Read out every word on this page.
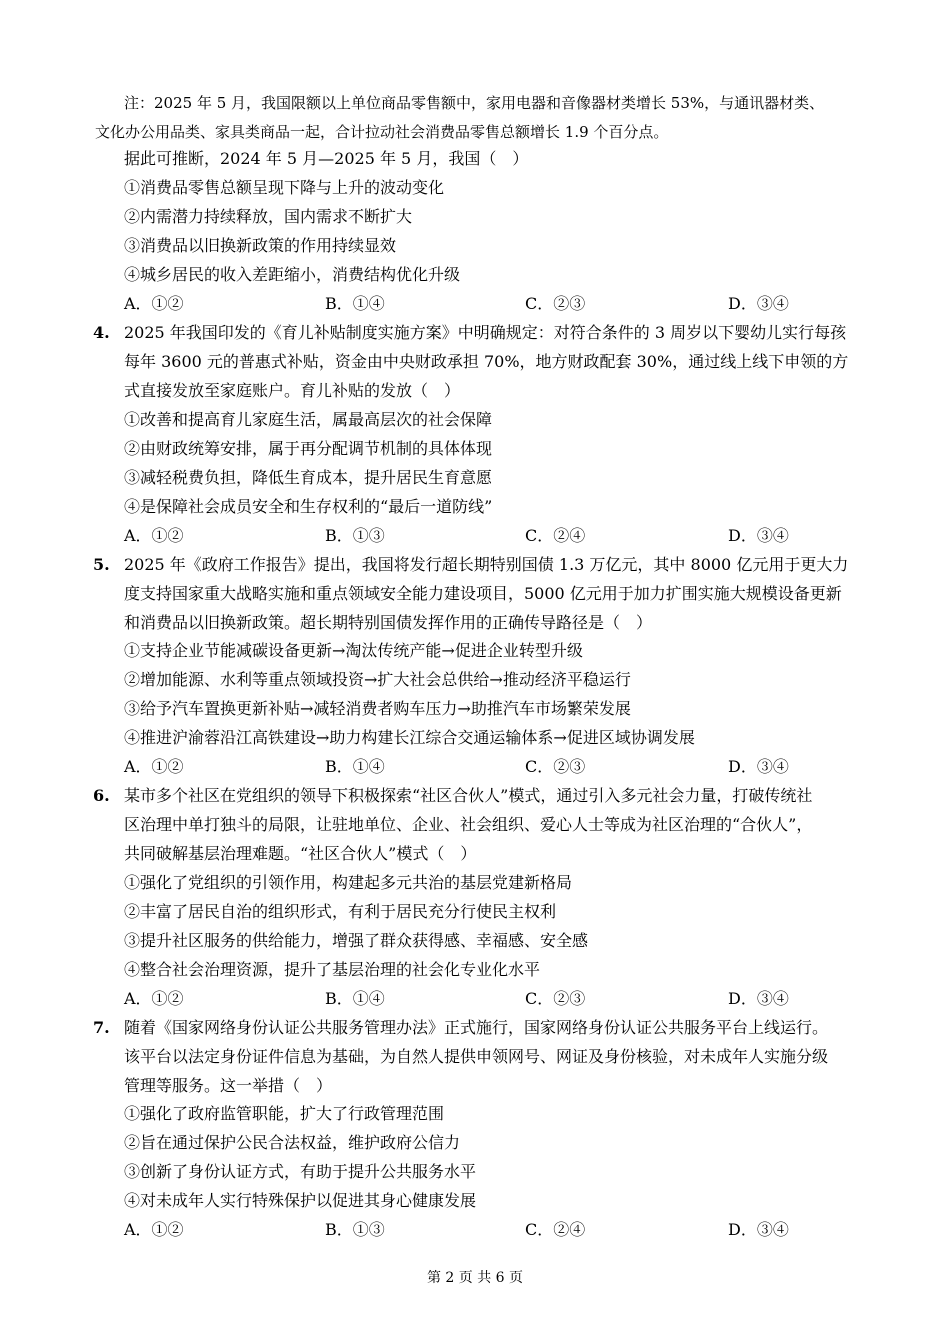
注：2025 年 5 月，我国限额以上单位商品零售额中，家用电器和音像器材类增长 53%，与通讯器材类、
文化办公用品类、家具类商品一起，合计拉动社会消费品零售总额增长 1.9 个百分点。
据此可推断，2024 年 5 月—2025 年 5 月，我国（　）
①消费品零售总额呈现下降与上升的波动变化
②内需潜力持续释放，国内需求不断扩大
③消费品以旧换新政策的作用持续显效
④城乡居民的收入差距缩小，消费结构优化升级
A．①②	B．①④	C．②③	D．③④
4. 2025 年我国印发的《育儿补贴制度实施方案》中明确规定：对符合条件的 3 周岁以下婴幼儿实行每孩
每年 3600 元的普惠式补贴，资金由中央财政承担 70%，地方财政配套 30%，通过线上线下申领的方
式直接发放至家庭账户。育儿补贴的发放（　）
①改善和提高育儿家庭生活，属最高层次的社会保障
②由财政统筹安排，属于再分配调节机制的具体体现
③减轻税费负担，降低生育成本，提升居民生育意愿
④是保障社会成员安全和生存权利的“最后一道防线”
A．①②	B．①③	C．②④	D．③④
5. 2025 年《政府工作报告》提出，我国将发行超长期特别国债 1.3 万亿元，其中 8000 亿元用于更大力
度支持国家重大战略实施和重点领域安全能力建设项目，5000 亿元用于加力扩围实施大规模设备更新
和消费品以旧换新政策。超长期特别国债发挥作用的正确传导路径是（　）
①支持企业节能减碳设备更新→淘汰传统产能→促进企业转型升级
②增加能源、水利等重点领域投资→扩大社会总供给→推动经济平稳运行
③给予汽车置换更新补贴→减轻消费者购车压力→助推汽车市场繁荣发展
④推进沪渝蓉沿江高铁建设→助力构建长江综合交通运输体系→促进区域协调发展
A．①②	B．①④	C．②③	D．③④
6. 某市多个社区在党组织的领导下积极探索“社区合伙人”模式，通过引入多元社会力量，打破传统社
区治理中单打独斗的局限，让驻地单位、企业、社会组织、爱心人士等成为社区治理的“合伙人”，
共同破解基层治理难题。“社区合伙人”模式（　）
①强化了党组织的引领作用，构建起多元共治的基层党建新格局
②丰富了居民自治的组织形式，有利于居民充分行使民主权利
③提升社区服务的供给能力，增强了群众获得感、幸福感、安全感
④整合社会治理资源，提升了基层治理的社会化专业化水平
A．①②	B．①④	C．②③	D．③④
7. 随着《国家网络身份认证公共服务管理办法》正式施行，国家网络身份认证公共服务平台上线运行。
该平台以法定身份证件信息为基础，为自然人提供申领网号、网证及身份核验，对未成年人实施分级
管理等服务。这一举措（　）
①强化了政府监管职能，扩大了行政管理范围
②旨在通过保护公民合法权益，维护政府公信力
③创新了身份认证方式，有助于提升公共服务水平
④对未成年人实行特殊保护以促进其身心健康发展
A．①②	B．①③	C．②④	D．③④
第 2 页 共 6 页
